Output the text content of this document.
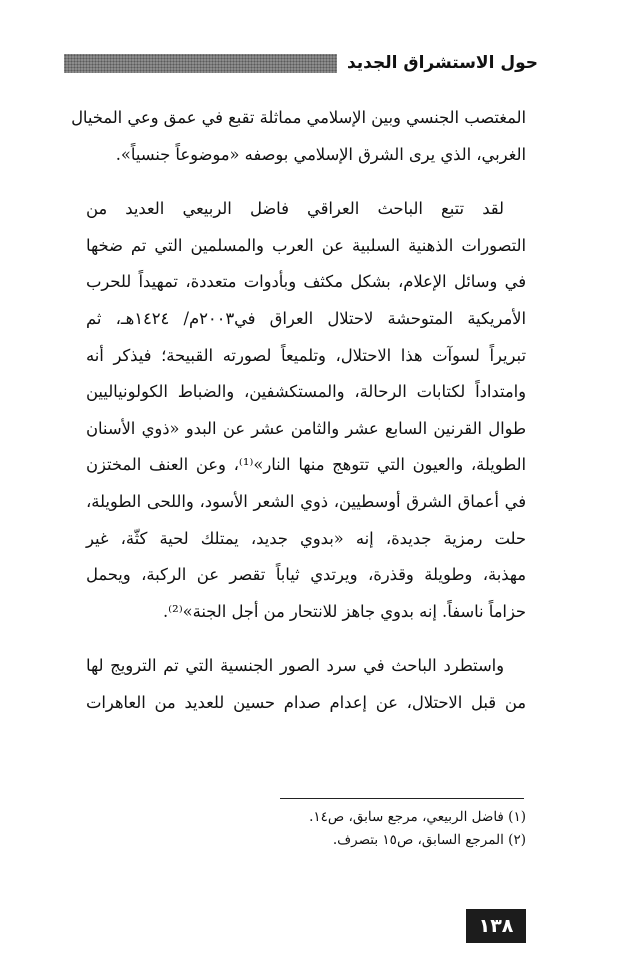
حول الاستشراق الجديد
المغتصب الجنسي وبين الإسلامي مماثلة تقبع في عمق وعي المخيال
الغربي، الذي يرى الشرق الإسلامي بوصفه «موضوعاً جنسياً».
لقد تتبع الباحث العراقي فاضل الربيعي العديد من
التصورات الذهنية السلبية عن العرب والمسلمين التي تم ضخها
في وسائل الإعلام، بشكل مكثف وبأدوات متعددة، تمهيداً للحرب
الأمريكية المتوحشة لاحتلال العراق في٢٠٠٣م/ ١٤٢٤هـ، ثم
تبريراً لسوآت هذا الاحتلال، وتلميعاً لصورته القبيحة؛ فيذكر أنه
وامتداداً لكتابات الرحالة، والمستكشفين، والضباط الكولونياليين
طوال القرنين السابع عشر والثامن عشر عن البدو «ذوي الأسنان
الطويلة، والعيون التي تتوهج منها النار»⁽¹⁾، وعن العنف المختزن
في أعماق الشرق أوسطيين، ذوي الشعر الأسود، واللحى الطويلة،
حلت رمزية جديدة، إنه «بدوي جديد، يمتلك لحية كثّة، غير
مهذبة، وطويلة وقذرة، ويرتدي ثياباً تقصر عن الركبة، ويحمل
حزاماً ناسفاً. إنه بدوي جاهز للانتحار من أجل الجنة»⁽²⁾.
واستطرد الباحث في سرد الصور الجنسية التي تم الترويج لها
من قبل الاحتلال، عن إعدام صدام حسين للعديد من العاهرات
(١) فاضل الربيعي، مرجع سابق، ص١٤.
(٢) المرجع السابق، ص١٥ بتصرف.
١٣٨
